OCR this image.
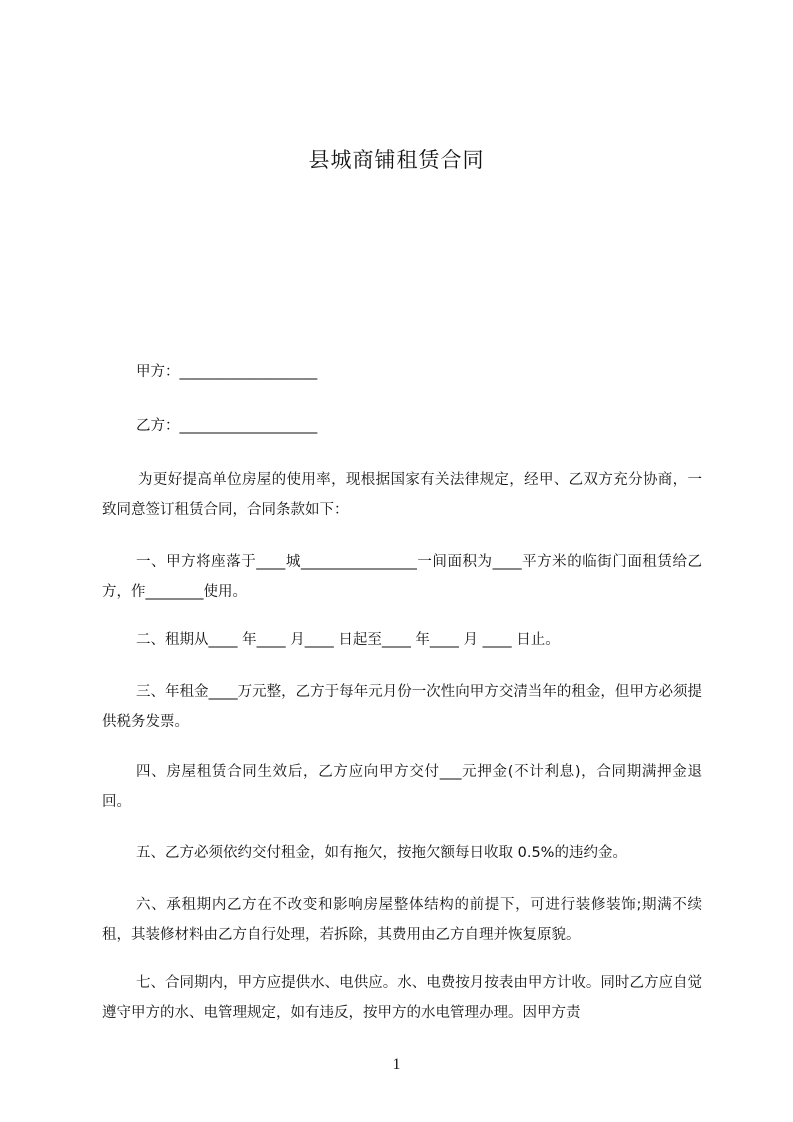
县城商铺租赁合同
甲方：___________________
乙方：___________________
为更好提高单位房屋的使用率，现根据国家有关法律规定，经甲、乙双方充分协商，一致同意签订租赁合同，合同条款如下：
一、甲方将座落于____城________________一间面积为____平方米的临街门面租赁给乙方，作________使用。
二、租期从____ 年____ 月____ 日起至____ 年____ 月 ____ 日止。
三、年租金____万元整，乙方于每年元月份一次性向甲方交清当年的租金，但甲方必须提供税务发票。
四、房屋租赁合同生效后，乙方应向甲方交付___元押金(不计利息)，合同期满押金退回。
五、乙方必须依约交付租金，如有拖欠，按拖欠额每日收取 0.5%的违约金。
六、承租期内乙方在不改变和影响房屋整体结构的前提下，可进行装修装饰;期满不续租，其装修材料由乙方自行处理，若拆除，其费用由乙方自理并恢复原貌。
七、合同期内，甲方应提供水、电供应。水、电费按月按表由甲方计收。同时乙方应自觉遵守甲方的水、电管理规定，如有违反，按甲方的水电管理办理。因甲方责
1
